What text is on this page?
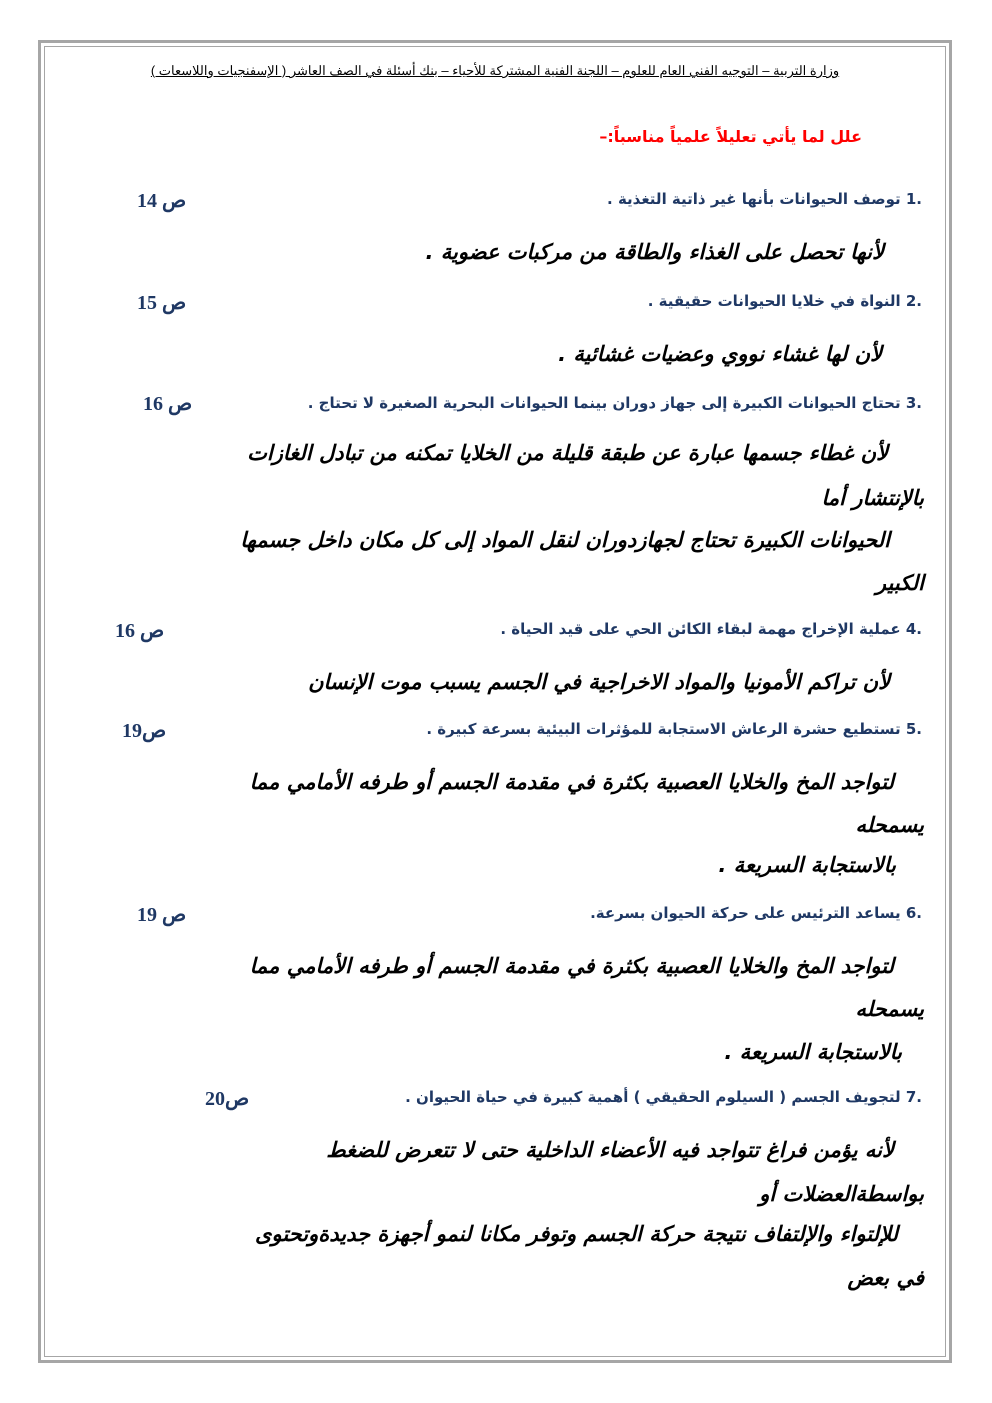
وزارة التربية – التوجيه الفني العام للعلوم – اللجنة الفنية المشتركة للأحياء – بنك أسئلة في الصف العاشر ( الإسفنجيات واللاسعات )
علل لما يأتي تعليلاً علمياً مناسباً:–
.1 توصف الحيوانات بأنها غير ذاتية التغذية .
ص 14
لأنها تحصل على الغذاء والطاقة من مركبات عضوية .
.2 النواة في خلايا الحيوانات حقيقية .
ص 15
لأن لها غشاء نووي وعضيات غشائية .
.3 تحتاج الحيوانات الكبيرة إلى جهاز دوران بينما الحيوانات البحرية الصغيرة لا تحتاج .
ص 16
لأن غطاء جسمها عبارة عن طبقة قليلة من الخلايا تمكنه من تبادل الغازات
بالإنتشار أما
الحيوانات الكبيرة تحتاج لجهازدوران لنقل المواد إلى كل مكان داخل جسمها
الكبير
.4 عملية الإخراج مهمة لبقاء الكائن الحي على قيد الحياة .
ص 16
لأن تراكم الأمونيا والمواد الاخراجية في الجسم يسبب موت الإنسان
.5 تستطيع حشرة الرعاش الاستجابة للمؤثرات البيئية بسرعة كبيرة .
ص19
لتواجد المخ والخلايا العصبية بكثرة في مقدمة الجسم أو طرفه الأمامي مما
يسمحله
بالاستجابة السريعة .
.6 يساعد الترئيس على حركة الحيوان بسرعة.
ص 19
لتواجد المخ والخلايا العصبية بكثرة في مقدمة الجسم أو طرفه الأمامي مما
يسمحله
بالاستجابة السريعة .
.7 لتجويف الجسم ( السيلوم الحقيقي ) أهمية كبيرة في حياة الحيوان .
ص20
لأنه يؤمن فراغ تتواجد فيه الأعضاء الداخلية حتى لا تتعرض للضغط
بواسطةالعضلات أو
للإلتواء والإلتفاف نتيجة حركة الجسم وتوفر مكانا لنمو أجهزة جديدةوتحتوى
في بعض
